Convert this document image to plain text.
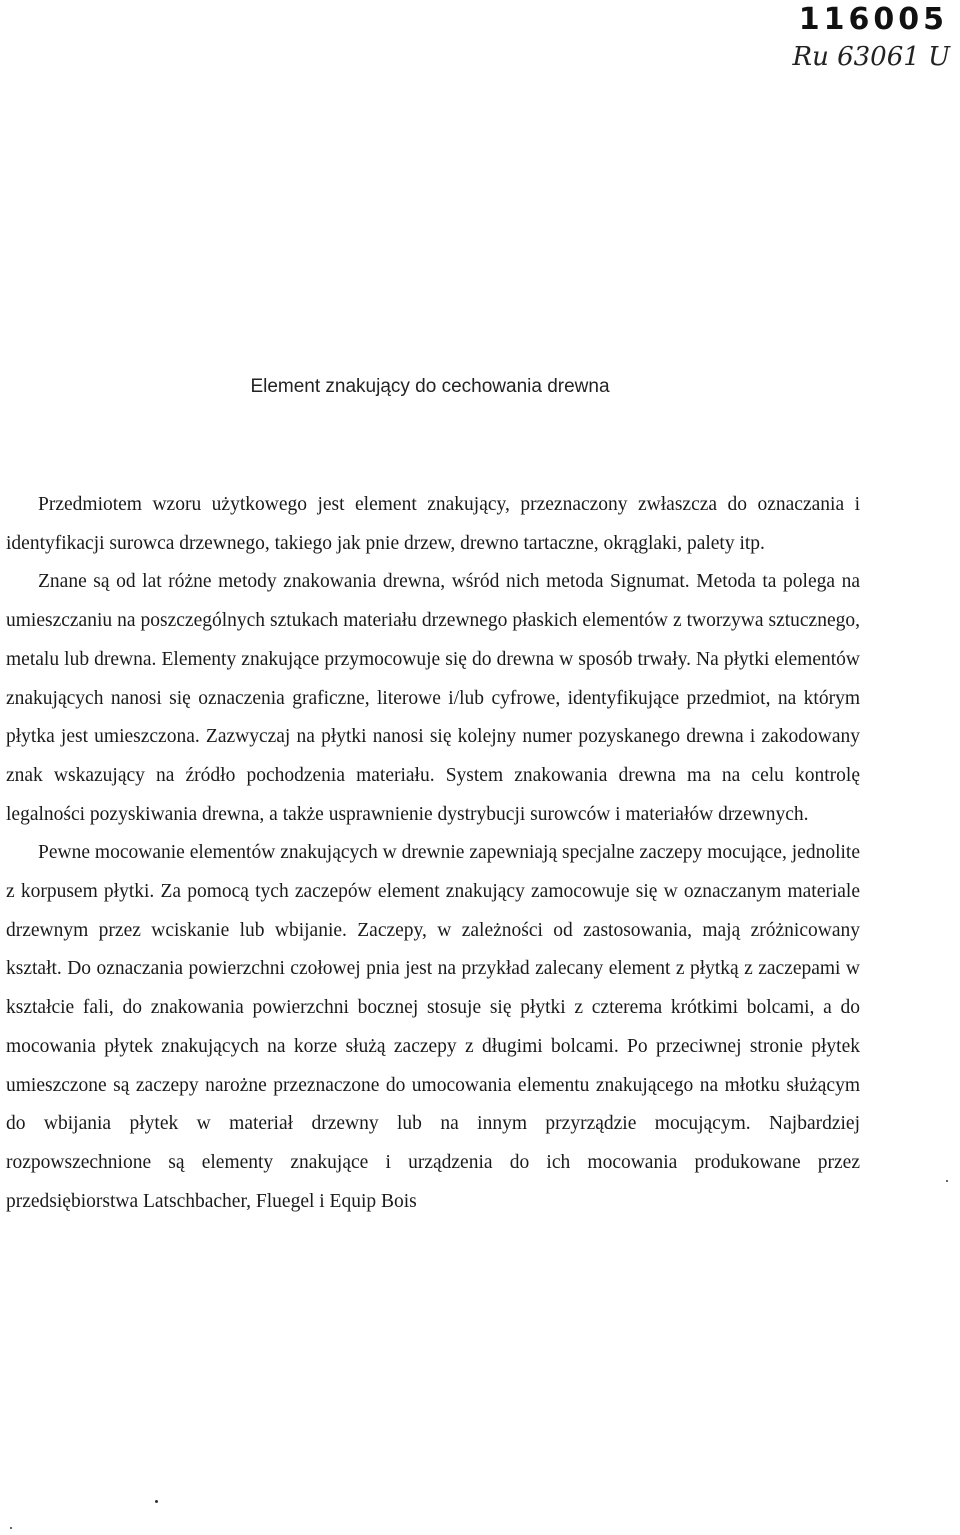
116005
Ru 63061 U
Element znakujący do cechowania drewna

Przedmiotem wzoru użytkowego jest element znakujący, przeznaczony zwłaszcza do oznaczania i identyfikacji surowca drzewnego, takiego jak pnie drzew, drewno tartaczne, okrąglaki, palety itp.

Znane są od lat różne metody znakowania drewna, wśród nich metoda Signumat. Metoda ta polega na umieszczaniu na poszczególnych sztukach materiału drzewnego płaskich elementów z tworzywa sztucznego, metalu lub drewna. Elementy znakujące przymocowuje się do drewna w sposób trwały. Na płytki elementów znakujących nanosi się oznaczenia graficzne, literowe i/lub cyfrowe, identyfikujące przedmiot, na którym płytka jest umieszczona. Zazwyczaj na płytki nanosi się kolejny numer pozyskanego drewna i zakodowany znak wskazujący na źródło pochodzenia materiału. System znakowania drewna ma na celu kontrolę legalności pozyskiwania drewna, a także usprawnienie dystrybucji surowców i materiałów drzewnych.

Pewne mocowanie elementów znakujących w drewnie zapewniają specjalne zaczepy mocujące, jednolite z korpusem płytki. Za pomocą tych zaczepów element znakujący zamocowuje się w oznaczanym materiale drzewnym przez wciskanie lub wbijanie. Zaczepy, w zależności od zastosowania, mają zróżnicowany kształt. Do oznaczania powierzchni czołowej pnia jest na przykład zalecany element z płytką z zaczepami w kształcie fali, do znakowania powierzchni bocznej stosuje się płytki z czterema krótkimi bolcami, a do mocowania płytek znakujących na korze służą zaczepy z długimi bolcami. Po przeciwnej stronie płytek umieszczone są zaczepy narożne przeznaczone do umocowania elementu znakującego na młotku służącym do wbijania płytek w materiał drzewny lub na innym przyrządzie mocującym. Najbardziej rozpowszechnione są elementy znakujące i urządzenia do ich mocowania produkowane przez przedsiębiorstwa Latschbacher, Fluegel i Equip Bois
